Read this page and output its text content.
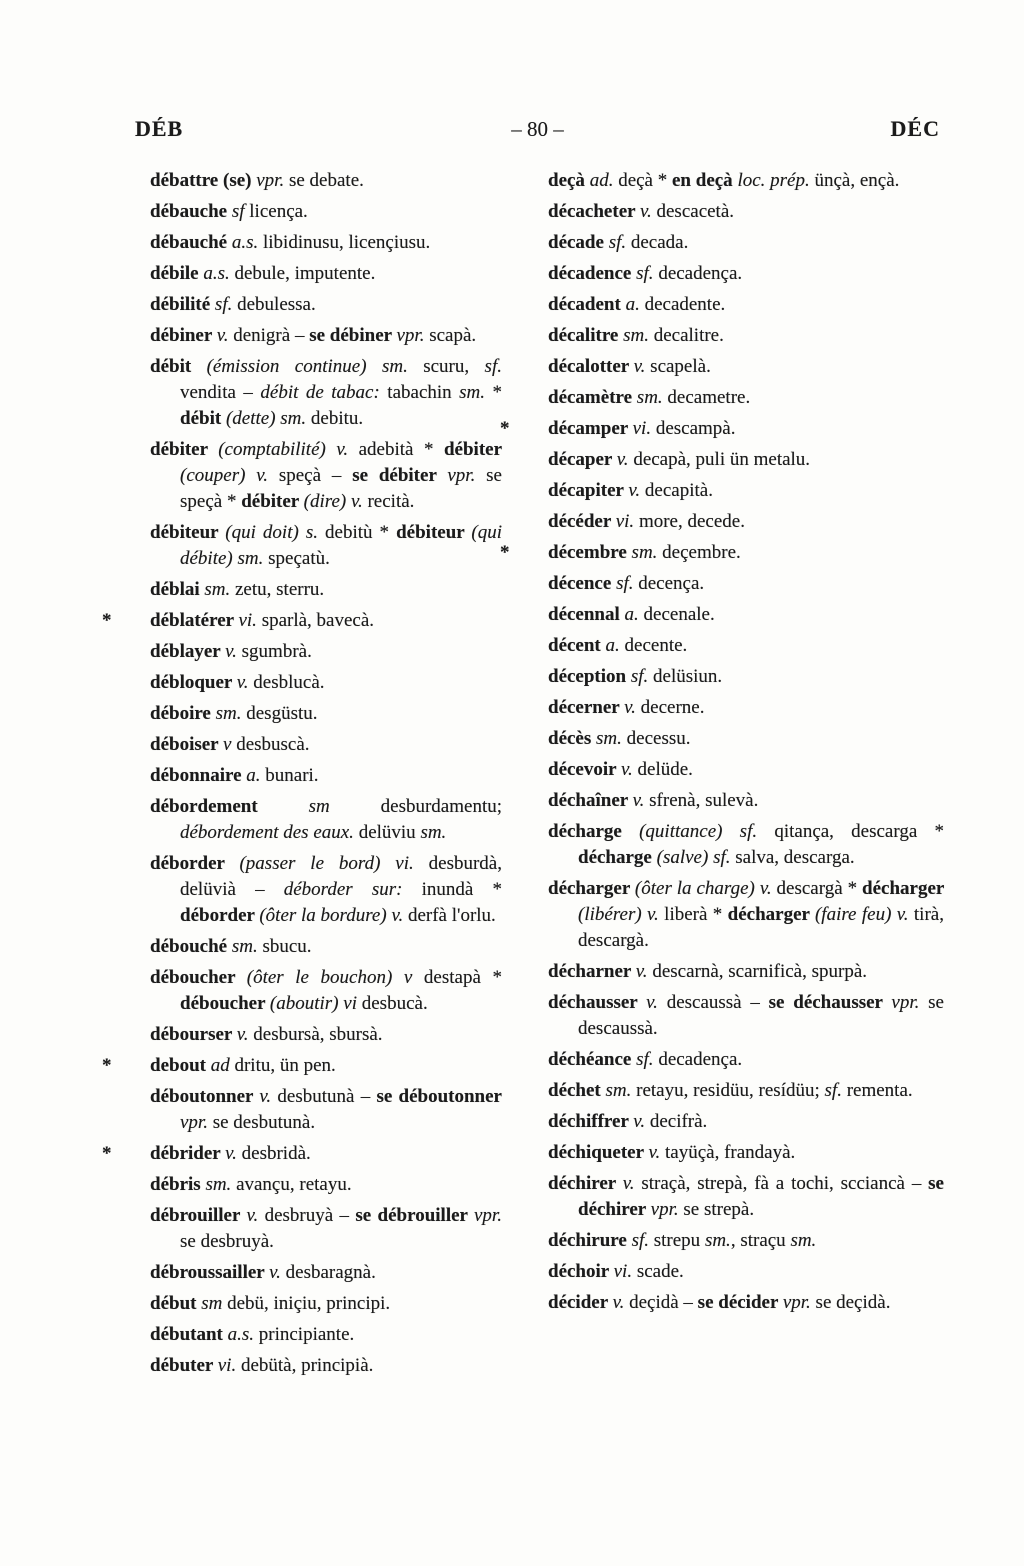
DÉB	– 80 –	DÉC

débattre (se) vpr. se debate.

débauche sf licença.

débauché a.s. libidinusu, licençiusu.

débile a.s. debule, imputente.

débilité sf. debulessa.

débiner v. denigrà – se débiner vpr. scapà.

débit (émission continue) sm. scuru, sf. vendita – débit de tabac: tabachin sm. * débit (dette) sm. debitu.

débiter (comptabilité) v. adebità * débiter (couper) v. speçà – se débiter vpr. se speçà * débiter (dire) v. recità.

débiteur (qui doit) s. debitù * débiteur (qui débite) sm. speçatù.

déblai sm. zetu, sterru.

* déblatérer vi. sparlà, bavecà.

déblayer v. sgumbrà.

débloquer v. desblucà.

déboire sm. desgüstu.

déboiser v desbuscà.

débonnaire a. bunari.

débordement sm desburdamentu; débordement des eaux. delüviu sm.

déborder (passer le bord) vi. desburdà, delüvià – déborder sur: inundà * déborder (ôter la bordure) v. derfà l'orlu.

débouché sm. sbucu.

déboucher (ôter le bouchon) v destapà * déboucher (aboutir) vi desbucà.

débourser v. desbursà, sbursà.

* debout ad dritu, ün pen.

déboutonner v. desbutunà – se déboutonner vpr. se desbutunà.

* débrider v. desbridà.

débris sm. avançu, retayu.

débrouiller v. desbruyà – se débrouiller vpr. se desbruyà.

débroussailler v. desbaragnà.

début sm debü, iniçiu, principi.

débutant a.s. principiante.

débuter vi. debütà, principià.

deçà ad. deçà * en deçà loc. prép. ünçà, ençà.

décacheter v. descacetà.

décade sf. decada.

décadence sf. decadença.

décadent a. decadente.

décalitre sm. decalitre.

décalotter v. scapelà.

décamètre sm. decametre.

* décamper vi. descampà.

décaper v. decapà, puli ün metalu.

décapiter v. decapità.

décéder vi. more, decede.

* décembre sm. deçembre.

décence sf. decença.

décennal a. decenale.

décent a. decente.

déception sf. delüsiun.

décerner v. decerne.

décès sm. decessu.

décevoir v. delüde.

déchaîner v. sfrenà, sulevà.

décharge (quittance) sf. qitança, descarga * décharge (salve) sf. salva, descarga.

décharger (ôter la charge) v. descargà * décharger (libérer) v. liberà * décharger (faire feu) v. tirà, descargà.

décharner v. descarnà, scarnificà, spurpà.

déchausser v. descaussà – se déchausser vpr. se descaussà.

déchéance sf. decadença.

déchet sm. retayu, residüu, resídüu; sf. rementa.

déchiffrer v. decifrà.

déchiqueter v. tayüçà, frandayà.

déchirer v. straçà, strepà, fà a tochi, scciancà – se déchirer vpr. se strepà.

déchirure sf. strepu sm., straçu sm.

déchoir vi. scade.

décider v. deçidà – se décider vpr. se deçidà.
